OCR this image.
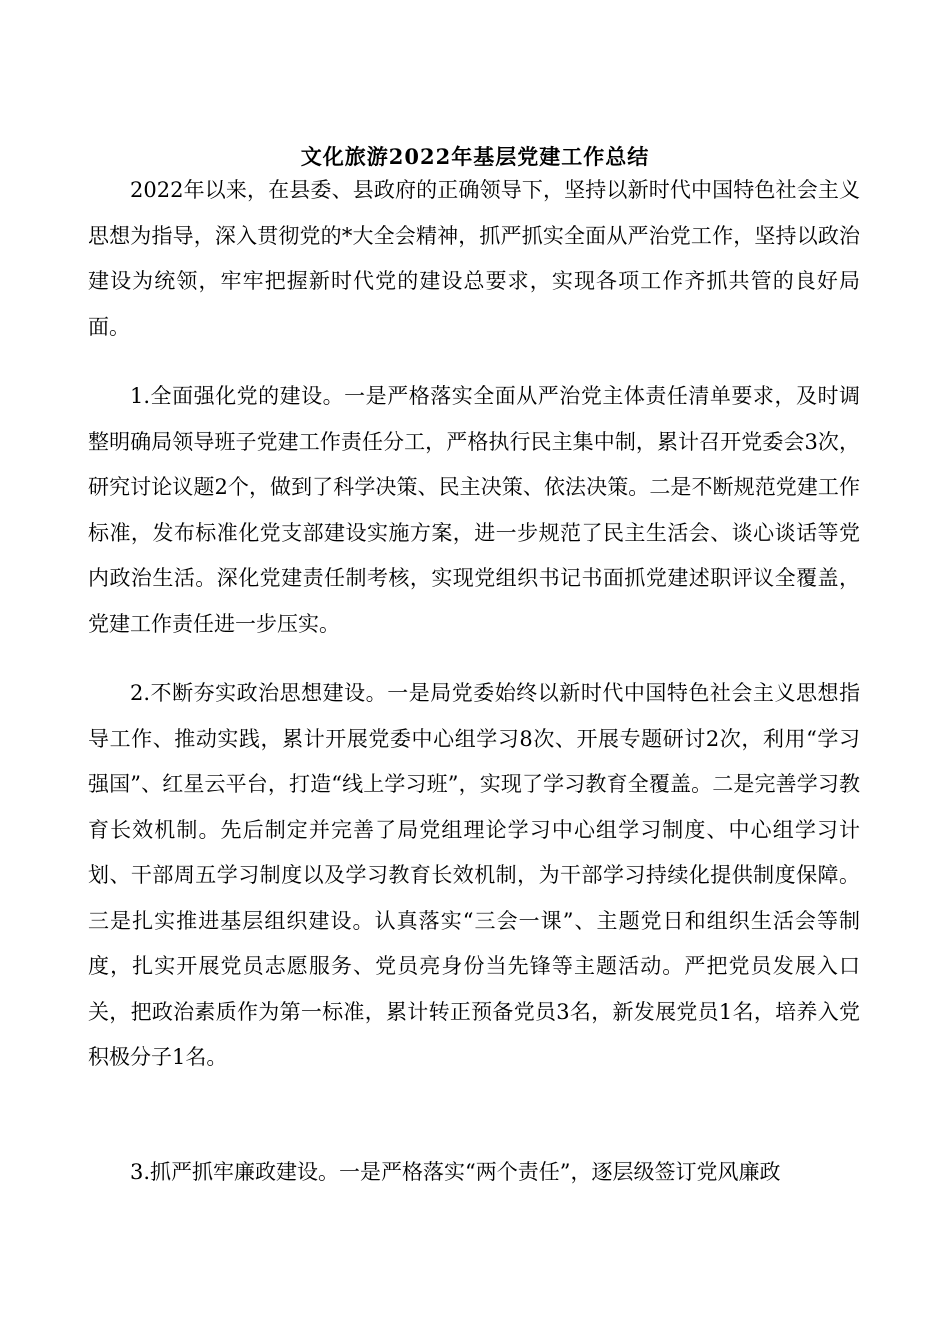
文化旅游2022年基层党建工作总结

2022年以来，在县委、县政府的正确领导下，坚持以新时代中国特色社会主义思想为指导，深入贯彻党的*大全会精神，抓严抓实全面从严治党工作，坚持以政治建设为统领，牢牢把握新时代党的建设总要求，实现各项工作齐抓共管的良好局面。

1.全面强化党的建设。一是严格落实全面从严治党主体责任清单要求，及时调整明确局领导班子党建工作责任分工，严格执行民主集中制，累计召开党委会3次，研究讨论议题2个，做到了科学决策、民主决策、依法决策。二是不断规范党建工作标准，发布标准化党支部建设实施方案，进一步规范了民主生活会、谈心谈话等党内政治生活。深化党建责任制考核，实现党组织书记书面抓党建述职评议全覆盖，党建工作责任进一步压实。

2.不断夯实政治思想建设。一是局党委始终以新时代中国特色社会主义思想指导工作、推动实践，累计开展党委中心组学习8次、开展专题研讨2次，利用“学习强国”、红星云平台，打造“线上学习班”，实现了学习教育全覆盖。二是完善学习教育长效机制。先后制定并完善了局党组理论学习中心组学习制度、中心组学习计划、干部周五学习制度以及学习教育长效机制，为干部学习持续化提供制度保障。三是扎实推进基层组织建设。认真落实“三会一课”、主题党日和组织生活会等制度，扎实开展党员志愿服务、党员亮身份当先锋等主题活动。严把党员发展入口关，把政治素质作为第一标准，累计转正预备党员3名，新发展党员1名，培养入党积极分子1名。

3.抓严抓牢廉政建设。一是严格落实“两个责任”，逐层级签订党风廉政
